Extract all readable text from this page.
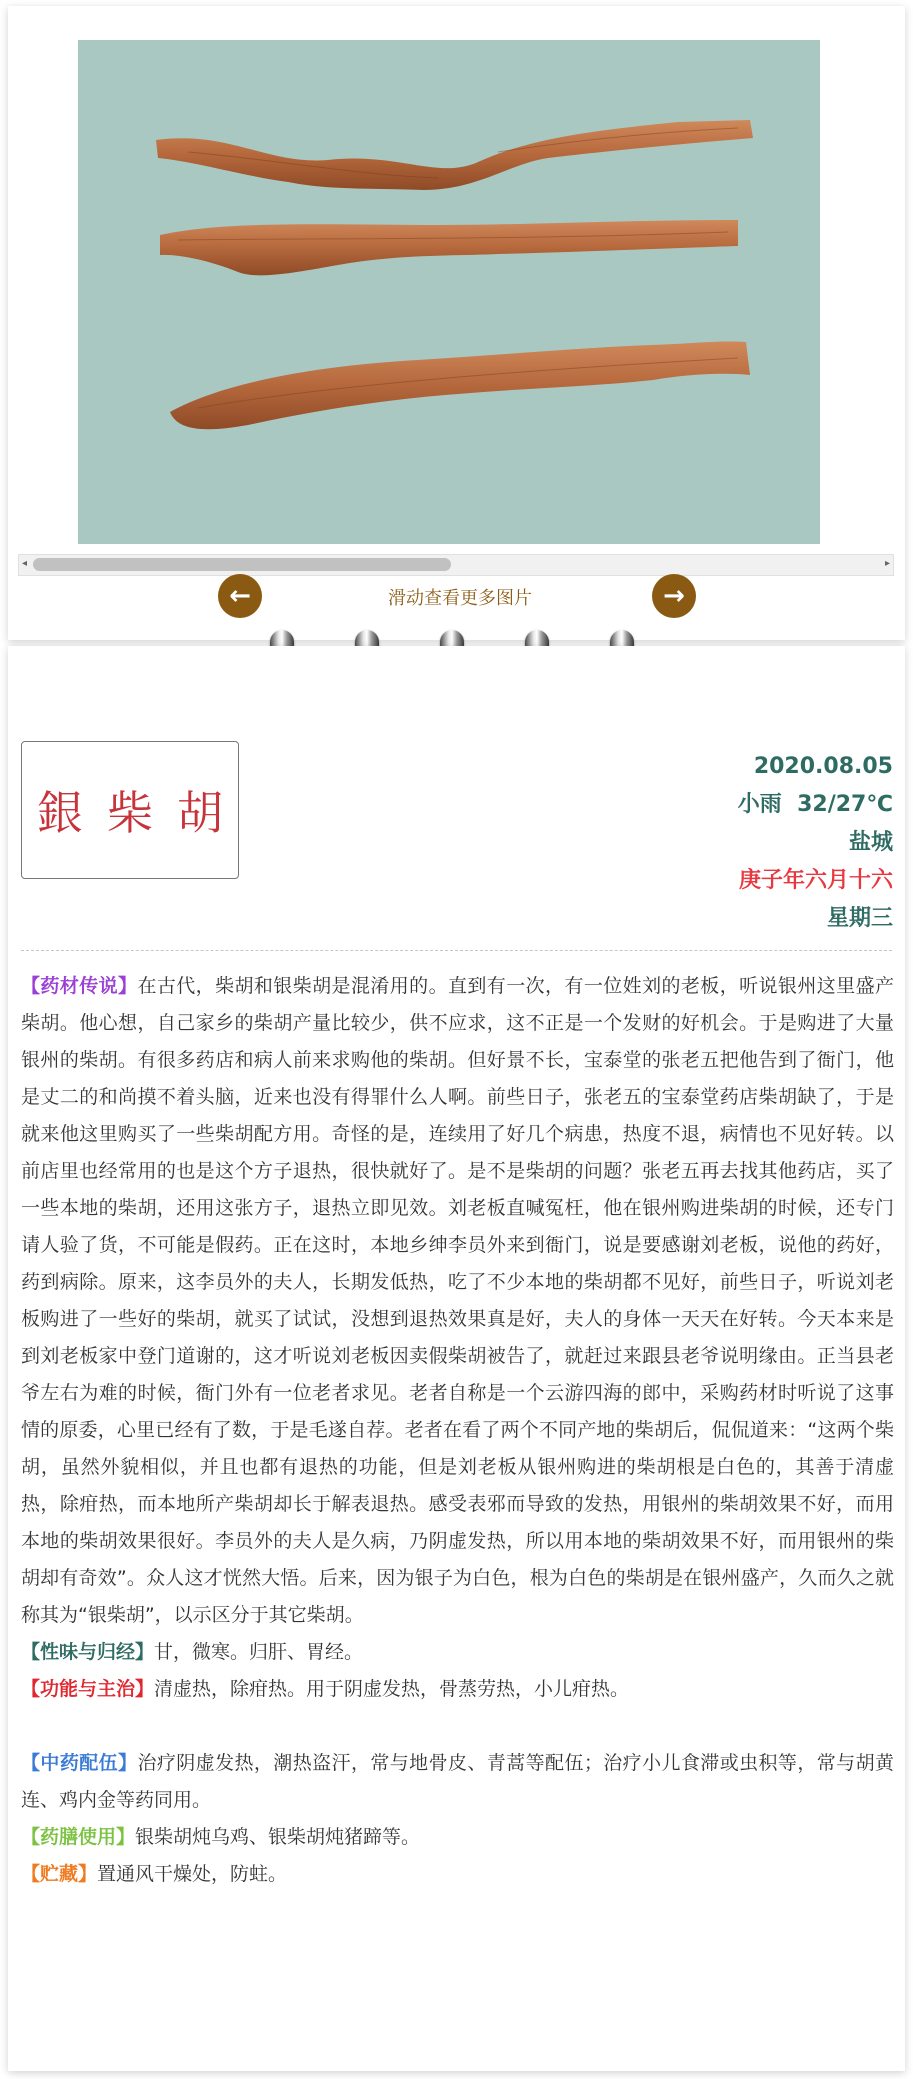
◂	▸
←	滑动查看更多图片	→
銀柴胡
2020.08.05
小雨  32/27℃
盐城
庚子年六月十六
星期三

【药材传说】在古代，柴胡和银柴胡是混淆用的。直到有一次，有一位姓刘的老板，听说银州这里盛产柴胡。他心想，自己家乡的柴胡产量比较少，供不应求，这不正是一个发财的好机会。于是购进了大量银州的柴胡。有很多药店和病人前来求购他的柴胡。但好景不长，宝泰堂的张老五把他告到了衙门，他是丈二的和尚摸不着头脑，近来也没有得罪什么人啊。前些日子，张老五的宝泰堂药店柴胡缺了，于是就来他这里购买了一些柴胡配方用。奇怪的是，连续用了好几个病患，热度不退，病情也不见好转。以前店里也经常用的也是这个方子退热，很快就好了。是不是柴胡的问题？张老五再去找其他药店，买了一些本地的柴胡，还用这张方子，退热立即见效。刘老板直喊冤枉，他在银州购进柴胡的时候，还专门请人验了货，不可能是假药。正在这时，本地乡绅李员外来到衙门，说是要感谢刘老板，说他的药好，药到病除。原来，这李员外的夫人，长期发低热，吃了不少本地的柴胡都不见好，前些日子，听说刘老板购进了一些好的柴胡，就买了试试，没想到退热效果真是好，夫人的身体一天天在好转。今天本来是到刘老板家中登门道谢的，这才听说刘老板因卖假柴胡被告了，就赶过来跟县老爷说明缘由。正当县老爷左右为难的时候，衙门外有一位老者求见。老者自称是一个云游四海的郎中，采购药材时听说了这事情的原委，心里已经有了数，于是毛遂自荐。老者在看了两个不同产地的柴胡后，侃侃道来：“这两个柴胡，虽然外貌相似，并且也都有退热的功能，但是刘老板从银州购进的柴胡根是白色的，其善于清虚热，除疳热，而本地所产柴胡却长于解表退热。感受表邪而导致的发热，用银州的柴胡效果不好，而用本地的柴胡效果很好。李员外的夫人是久病，乃阴虚发热，所以用本地的柴胡效果不好，而用银州的柴胡却有奇效”。众人这才恍然大悟。后来，因为银子为白色，根为白色的柴胡是在银州盛产，久而久之就称其为“银柴胡”，以示区分于其它柴胡。

【性味与归经】甘，微寒。归肝、胃经。

【功能与主治】清虚热，除疳热。用于阴虚发热，骨蒸劳热，小儿疳热。

【中药配伍】治疗阴虚发热，潮热盗汗，常与地骨皮、青蒿等配伍；治疗小儿食滞或虫积等，常与胡黄连、鸡内金等药同用。

【药膳使用】银柴胡炖乌鸡、银柴胡炖猪蹄等。

【贮藏】置通风干燥处，防蛀。
